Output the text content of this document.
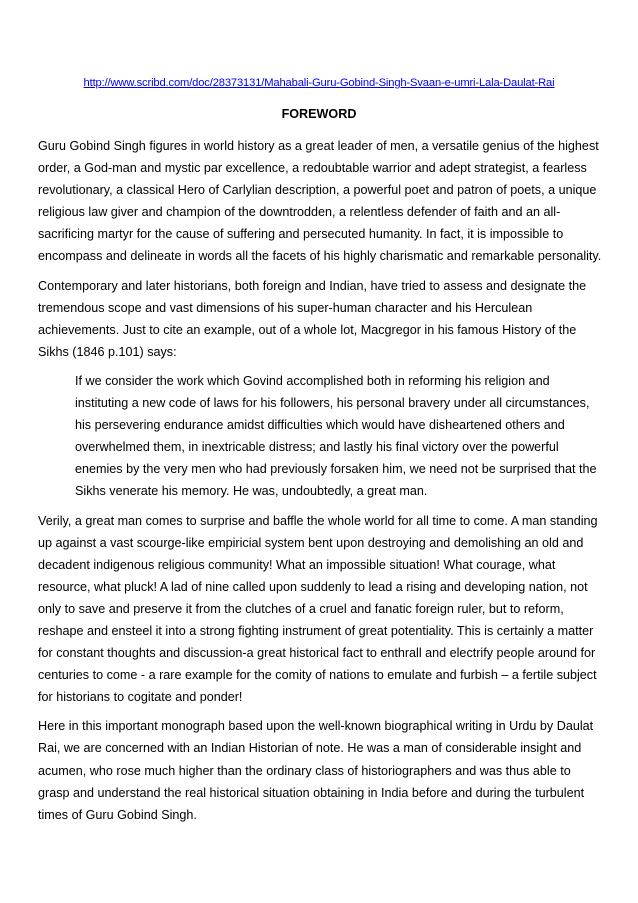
http://www.scribd.com/doc/28373131/Mahabali-Guru-Gobind-Singh-Svaan-e-umri-Lala-Daulat-Rai
FOREWORD

Guru Gobind Singh figures in world history as a great leader of men, a versatile genius of the highest order, a God-man and mystic par excellence, a redoubtable warrior and adept strategist, a fearless revolutionary, a classical Hero of Carlylian description, a powerful poet and patron of poets, a unique religious law giver and champion of the downtrodden, a relentless defender of faith and an all-sacrificing martyr for the cause of suffering and persecuted humanity. In fact, it is impossible to encompass and delineate in words all the facets of his highly charismatic and remarkable personality.

Contemporary and later historians, both foreign and Indian, have tried to assess and designate the tremendous scope and vast dimensions of his super-human character and his Herculean achievements. Just to cite an example, out of a whole lot, Macgregor in his famous History of the Sikhs (1846 p.101) says:

If we consider the work which Govind accomplished both in reforming his religion and instituting a new code of laws for his followers, his personal bravery under all circumstances, his persevering endurance amidst difficulties which would have disheartened others and overwhelmed them, in inextricable distress; and lastly his final victory over the powerful enemies by the very men who had previously forsaken him, we need not be surprised that the Sikhs venerate his memory. He was, undoubtedly, a great man.

Verily, a great man comes to surprise and baffle the whole world for all time to come. A man standing up against a vast scourge-like empiricial system bent upon destroying and demolishing an old and decadent indigenous religious community! What an impossible situation! What courage, what resource, what pluck! A lad of nine called upon suddenly to lead a rising and developing nation, not only to save and preserve it from the clutches of a cruel and fanatic foreign ruler, but to reform, reshape and ensteel it into a strong fighting instrument of great potentiality. This is certainly a matter for constant thoughts and discussion-a great historical fact to enthrall and electrify people around for centuries to come - a rare example for the comity of nations to emulate and furbish – a fertile subject for historians to cogitate and ponder!

Here in this important monograph based upon the well-known biographical writing in Urdu by Daulat Rai, we are concerned with an Indian Historian of note. He was a man of considerable insight and acumen, who rose much higher than the ordinary class of historiographers and was thus able to grasp and understand the real historical situation obtaining in India before and during the turbulent times of Guru Gobind Singh.
